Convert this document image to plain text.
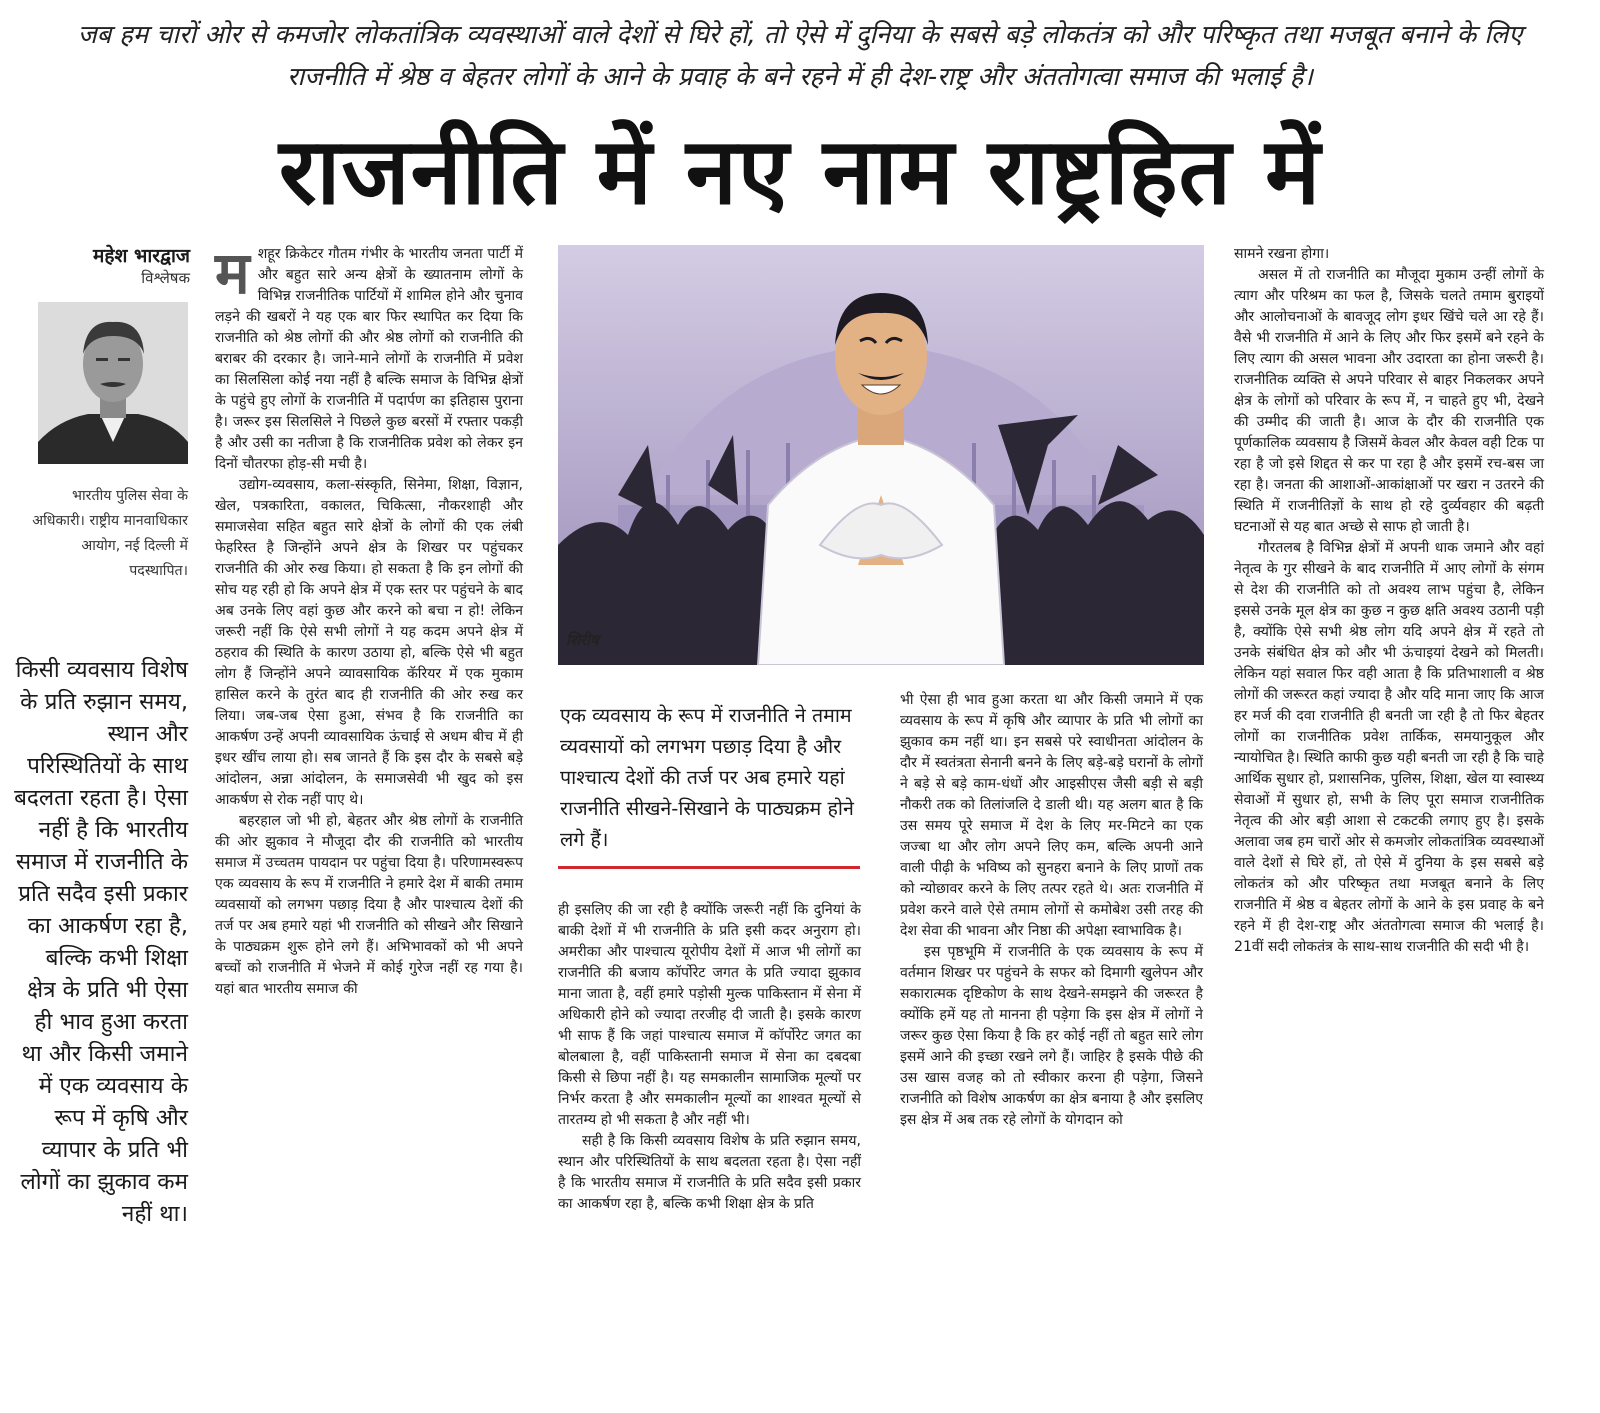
जब हम चारों ओर से कमजोर लोकतांत्रिक व्यवस्थाओं वाले देशों से घिरे हों, तो ऐसे में दुनिया के सबसे बड़े लोकतंत्र को और परिष्कृत तथा मजबूत बनाने के लिए राजनीति में श्रेष्ठ व बेहतर लोगों के आने के प्रवाह के बने रहने में ही देश-राष्ट्र और अंततोगत्वा समाज की भलाई है।
राजनीति में नए नाम राष्ट्रहित में
महेश भारद्वाज
विश्लेषक
भारतीय पुलिस सेवा के अधिकारी। राष्ट्रीय मानवाधिकार आयोग, नई दिल्ली में पदस्थापित।
किसी व्यवसाय विशेष के प्रति रुझान समय, स्थान और परिस्थितियों के साथ बदलता रहता है। ऐसा नहीं है कि भारतीय समाज में राजनीति के प्रति सदैव इसी प्रकार का आकर्षण रहा है, बल्कि कभी शिक्षा क्षेत्र के प्रति भी ऐसा ही भाव हुआ करता था और किसी जमाने में एक व्यवसाय के रूप में कृषि और व्यापार के प्रति भी लोगों का झुकाव कम नहीं था।

मशहूर क्रिकेटर गौतम गंभीर के भारतीय जनता पार्टी में और बहुत सारे अन्य क्षेत्रों के ख्यातनाम लोगों के विभिन्न राजनीतिक पार्टियों में शामिल होने और चुनाव लड़ने की खबरों ने यह एक बार फिर स्थापित कर दिया कि राजनीति को श्रेष्ठ लोगों की और श्रेष्ठ लोगों को राजनीति की बराबर की दरकार है। जाने-माने लोगों के राजनीति में प्रवेश का सिलसिला कोई नया नहीं है बल्कि समाज के विभिन्न क्षेत्रों के पहुंचे हुए लोगों के राजनीति में पदार्पण का इतिहास पुराना है। जरूर इस सिलसिले ने पिछले कुछ बरसों में रफ्तार पकड़ी है और उसी का नतीजा है कि राजनीतिक प्रवेश को लेकर इन दिनों चौतरफा होड़-सी मची है।

उद्योग-व्यवसाय, कला-संस्कृति, सिनेमा, शिक्षा, विज्ञान, खेल, पत्रकारिता, वकालत, चिकित्सा, नौकरशाही और समाजसेवा सहित बहुत सारे क्षेत्रों के लोगों की एक लंबी फेहरिस्त है जिन्होंने अपने क्षेत्र के शिखर पर पहुंचकर राजनीति की ओर रुख किया। हो सकता है कि इन लोगों की सोच यह रही हो कि अपने क्षेत्र में एक स्तर पर पहुंचने के बाद अब उनके लिए वहां कुछ और करने को बचा न हो! लेकिन जरूरी नहीं कि ऐसे सभी लोगों ने यह कदम अपने क्षेत्र में ठहराव की स्थिति के कारण उठाया हो, बल्कि ऐसे भी बहुत लोग हैं जिन्होंने अपने व्यावसायिक कॅरियर में एक मुकाम हासिल करने के तुरंत बाद ही राजनीति की ओर रुख कर लिया। जब-जब ऐसा हुआ, संभव है कि राजनीति का आकर्षण उन्हें अपनी व्यावसायिक ऊंचाई से अधम बीच में ही इधर खींच लाया हो। सब जानते हैं कि इस दौर के सबसे बड़े आंदोलन, अन्ना आंदोलन, के समाजसेवी भी खुद को इस आकर्षण से रोक नहीं पाए थे।

बहरहाल जो भी हो, बेहतर और श्रेष्ठ लोगों के राजनीति की ओर झुकाव ने मौजूदा दौर की राजनीति को भारतीय समाज में उच्चतम पायदान पर पहुंचा दिया है। परिणामस्वरूप एक व्यवसाय के रूप में राजनीति ने हमारे देश में बाकी तमाम व्यवसायों को लगभग पछाड़ दिया है और पाश्चात्य देशों की तर्ज पर अब हमारे यहां भी राजनीति को सीखने और सिखाने के पाठ्यक्रम शुरू होने लगे हैं। अभिभावकों को भी अपने बच्चों को राजनीति में भेजने में कोई गुरेज नहीं रह गया है। यहां बात भारतीय समाज की

शिरीष
एक व्यवसाय के रूप में राजनीति ने तमाम व्यवसायों को लगभग पछाड़ दिया है और पाश्चात्य देशों की तर्ज पर अब हमारे यहां राजनीति सीखने-सिखाने के पाठ्यक्रम होने लगे हैं।

ही इसलिए की जा रही है क्योंकि जरूरी नहीं कि दुनियां के बाकी देशों में भी राजनीति के प्रति इसी कदर अनुराग हो। अमरीका और पाश्चात्य यूरोपीय देशों में आज भी लोगों का राजनीति की बजाय कॉर्पोरेट जगत के प्रति ज्यादा झुकाव माना जाता है, वहीं हमारे पड़ोसी मुल्क पाकिस्तान में सेना में अधिकारी होने को ज्यादा तरजीह दी जाती है। इसके कारण भी साफ हैं कि जहां पाश्चात्य समाज में कॉर्पोरेट जगत का बोलबाला है, वहीं पाकिस्तानी समाज में सेना का दबदबा किसी से छिपा नहीं है। यह समकालीन सामाजिक मूल्यों पर निर्भर करता है और समकालीन मूल्यों का शाश्वत मूल्यों से तारतम्य हो भी सकता है और नहीं भी।

सही है कि किसी व्यवसाय विशेष के प्रति रुझान समय, स्थान और परिस्थितियों के साथ बदलता रहता है। ऐसा नहीं है कि भारतीय समाज में राजनीति के प्रति सदैव इसी प्रकार का आकर्षण रहा है, बल्कि कभी शिक्षा क्षेत्र के प्रति

भी ऐसा ही भाव हुआ करता था और किसी जमाने में एक व्यवसाय के रूप में कृषि और व्यापार के प्रति भी लोगों का झुकाव कम नहीं था। इन सबसे परे स्वाधीनता आंदोलन के दौर में स्वतंत्रता सेनानी बनने के लिए बड़े-बड़े घरानों के लोगों ने बड़े से बड़े काम-धंधों और आइसीएस जैसी बड़ी से बड़ी नौकरी तक को तिलांजलि दे डाली थी। यह अलग बात है कि उस समय पूरे समाज में देश के लिए मर-मिटने का एक जज्बा था और लोग अपने लिए कम, बल्कि अपनी आने वाली पीढ़ी के भविष्य को सुनहरा बनाने के लिए प्राणों तक को न्योछावर करने के लिए तत्पर रहते थे। अतः राजनीति में प्रवेश करने वाले ऐसे तमाम लोगों से कमोबेश उसी तरह की देश सेवा की भावना और निष्ठा की अपेक्षा स्वाभाविक है।

इस पृष्ठभूमि में राजनीति के एक व्यवसाय के रूप में वर्तमान शिखर पर पहुंचने के सफर को दिमागी खुलेपन और सकारात्मक दृष्टिकोण के साथ देखने-समझने की जरूरत है क्योंकि हमें यह तो मानना ही पड़ेगा कि इस क्षेत्र में लोगों ने जरूर कुछ ऐसा किया है कि हर कोई नहीं तो बहुत सारे लोग इसमें आने की इच्छा रखने लगे हैं। जाहिर है इसके पीछे की उस खास वजह को तो स्वीकार करना ही पड़ेगा, जिसने राजनीति को विशेष आकर्षण का क्षेत्र बनाया है और इसलिए इस क्षेत्र में अब तक रहे लोगों के योगदान को

सामने रखना होगा।

असल में तो राजनीति का मौजूदा मुकाम उन्हीं लोगों के त्याग और परिश्रम का फल है, जिसके चलते तमाम बुराइयों और आलोचनाओं के बावजूद लोग इधर खिंचे चले आ रहे हैं। वैसे भी राजनीति में आने के लिए और फिर इसमें बने रहने के लिए त्याग की असल भावना और उदारता का होना जरूरी है। राजनीतिक व्यक्ति से अपने परिवार से बाहर निकलकर अपने क्षेत्र के लोगों को परिवार के रूप में, न चाहते हुए भी, देखने की उम्मीद की जाती है। आज के दौर की राजनीति एक पूर्णकालिक व्यवसाय है जिसमें केवल और केवल वही टिक पा रहा है जो इसे शिद्दत से कर पा रहा है और इसमें रच-बस जा रहा है। जनता की आशाओं-आकांक्षाओं पर खरा न उतरने की स्थिति में राजनीतिज्ञों के साथ हो रहे दुर्व्यवहार की बढ़ती घटनाओं से यह बात अच्छे से साफ हो जाती है।

गौरतलब है विभिन्न क्षेत्रों में अपनी धाक जमाने और वहां नेतृत्व के गुर सीखने के बाद राजनीति में आए लोगों के संगम से देश की राजनीति को तो अवश्य लाभ पहुंचा है, लेकिन इससे उनके मूल क्षेत्र का कुछ न कुछ क्षति अवश्य उठानी पड़ी है, क्योंकि ऐसे सभी श्रेष्ठ लोग यदि अपने क्षेत्र में रहते तो उनके संबंधित क्षेत्र को और भी ऊंचाइयां देखने को मिलती। लेकिन यहां सवाल फिर वही आता है कि प्रतिभाशाली व श्रेष्ठ लोगों की जरूरत कहां ज्यादा है और यदि माना जाए कि आज हर मर्ज की दवा राजनीति ही बनती जा रही है तो फिर बेहतर लोगों का राजनीतिक प्रवेश तार्किक, समयानुकूल और न्यायोचित है। स्थिति काफी कुछ यही बनती जा रही है कि चाहे आर्थिक सुधार हो, प्रशासनिक, पुलिस, शिक्षा, खेल या स्वास्थ्य सेवाओं में सुधार हो, सभी के लिए पूरा समाज राजनीतिक नेतृत्व की ओर बड़ी आशा से टकटकी लगाए हुए है। इसके अलावा जब हम चारों ओर से कमजोर लोकतांत्रिक व्यवस्थाओं वाले देशों से घिरे हों, तो ऐसे में दुनिया के इस सबसे बड़े लोकतंत्र को और परिष्कृत तथा मजबूत बनाने के लिए राजनीति में श्रेष्ठ व बेहतर लोगों के आने के इस प्रवाह के बने रहने में ही देश-राष्ट्र और अंततोगत्वा समाज की भलाई है। 21वीं सदी लोकतंत्र के साथ-साथ राजनीति की सदी भी है।
